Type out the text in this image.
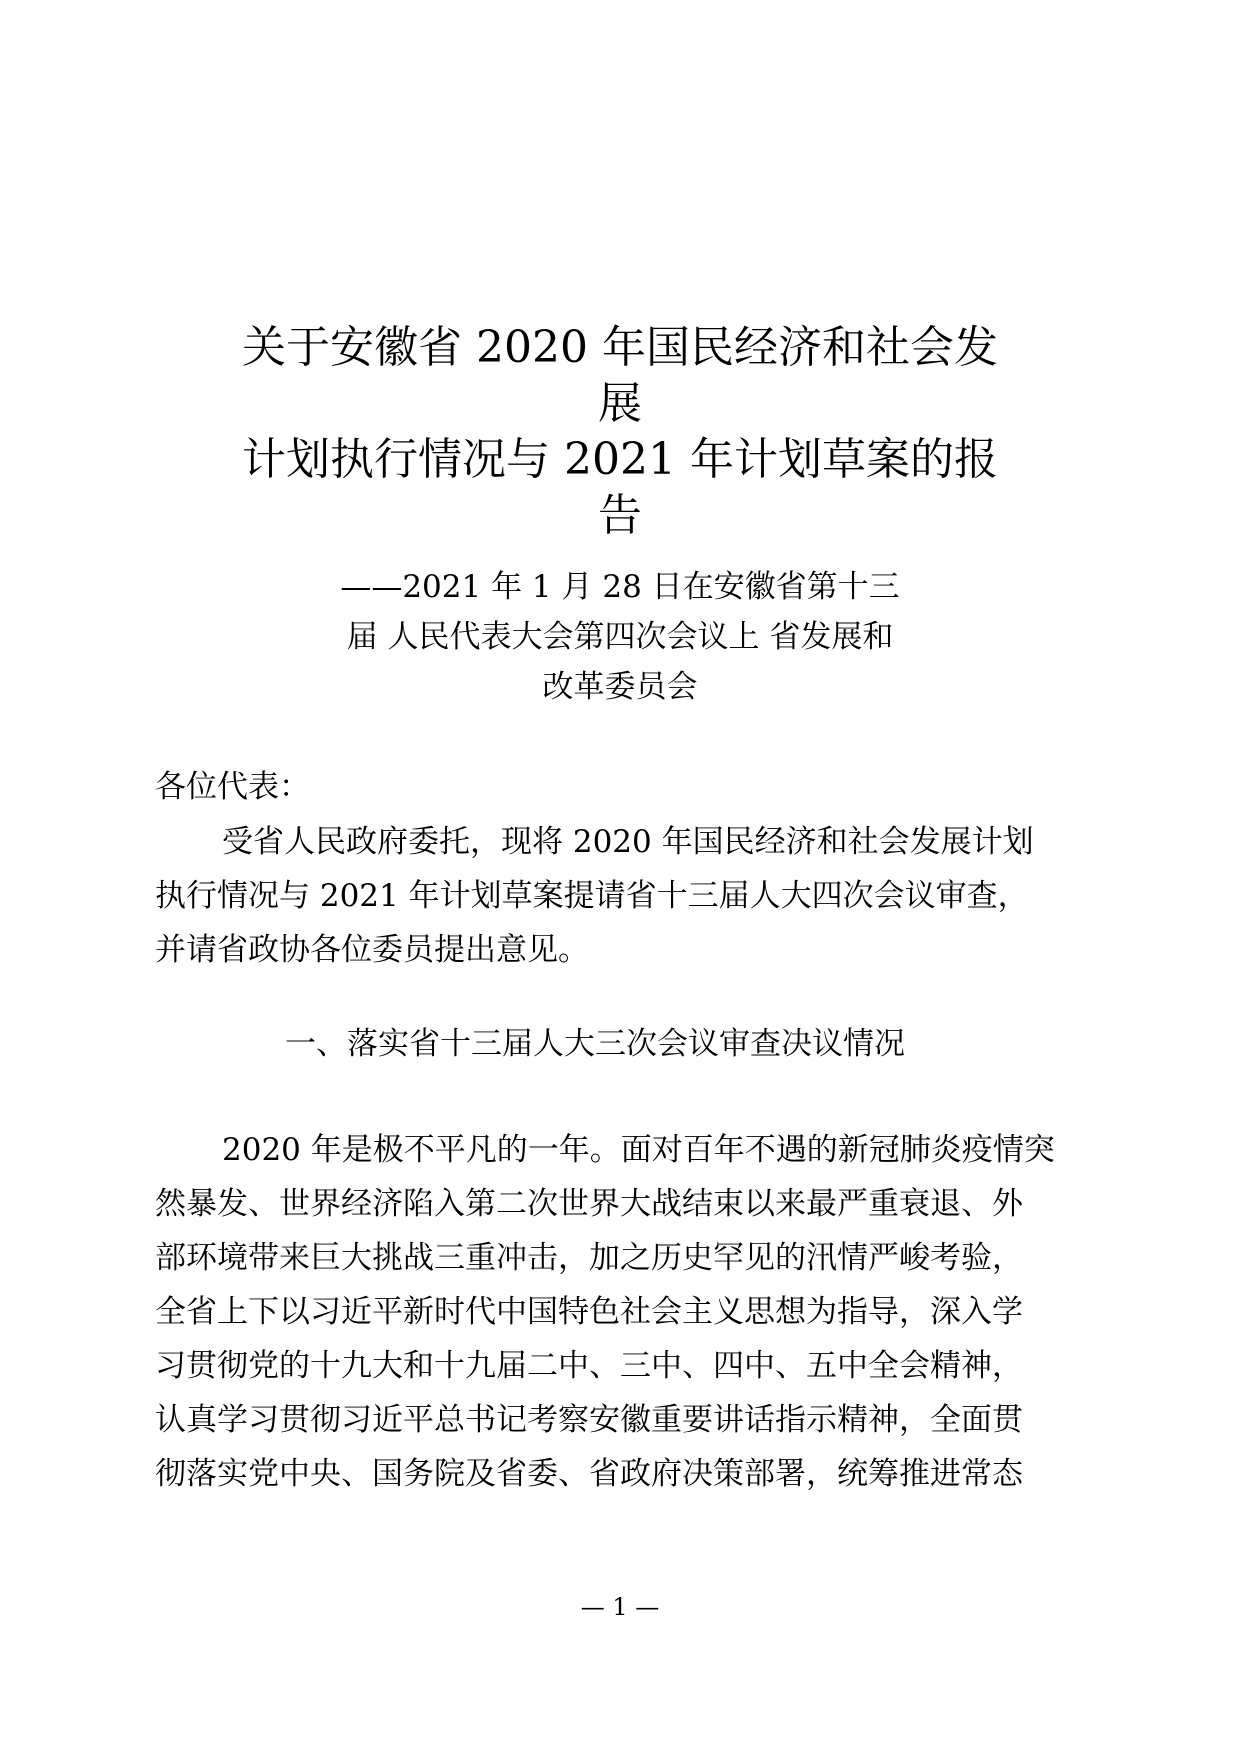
关于安徽省 2020 年国民经济和社会发
展
计划执行情况与 2021 年计划草案的报
告
——2021 年 1 月 28 日在安徽省第十三
届 人民代表大会第四次会议上 省发展和
改革委员会
各位代表：
受省人民政府委托，现将 2020 年国民经济和社会发展计划
执行情况与 2021 年计划草案提请省十三届人大四次会议审查，
并请省政协各位委员提出意见。
一、落实省十三届人大三次会议审查决议情况
2020 年是极不平凡的一年。面对百年不遇的新冠肺炎疫情突
然暴发、世界经济陷入第二次世界大战结束以来最严重衰退、外
部环境带来巨大挑战三重冲击，加之历史罕见的汛情严峻考验，
全省上下以习近平新时代中国特色社会主义思想为指导，深入学
习贯彻党的十九大和十九届二中、三中、四中、五中全会精神，
认真学习贯彻习近平总书记考察安徽重要讲话指示精神，全面贯
彻落实党中央、国务院及省委、省政府决策部署，统筹推进常态
— 1 —
